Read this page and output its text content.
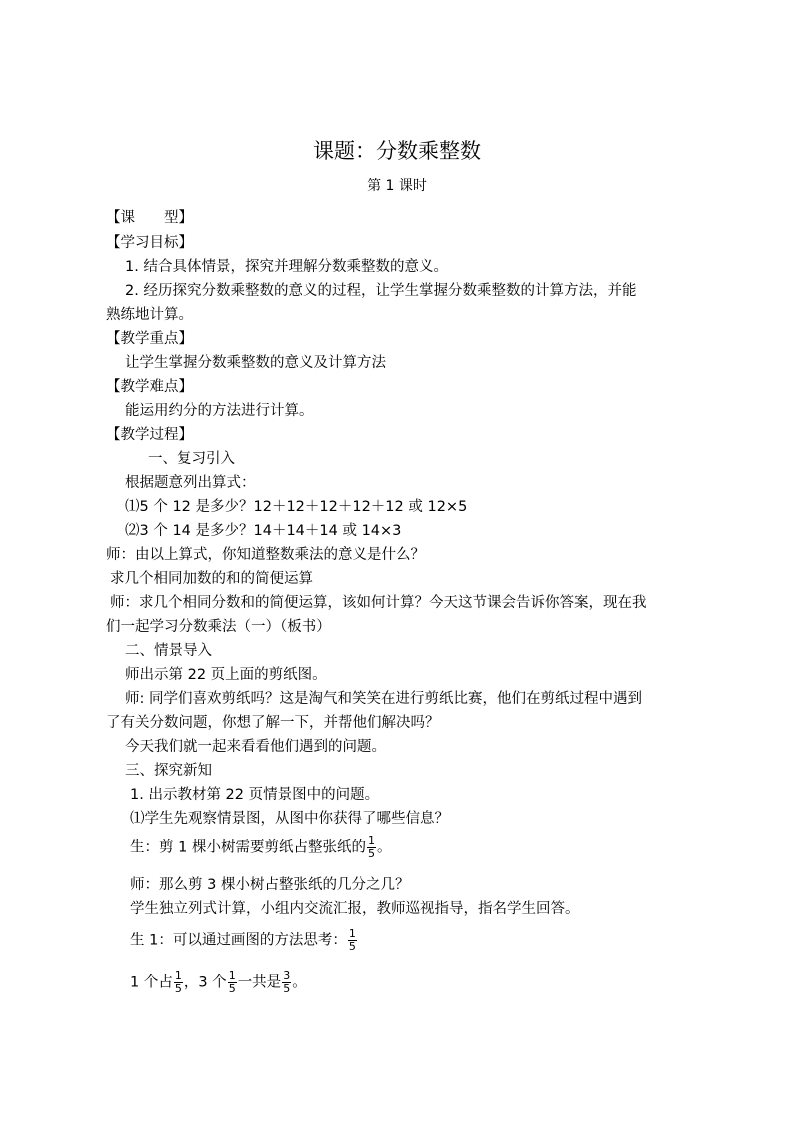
课题：分数乘整数
第 1 课时
【课　　型】
【学习目标】
1. 结合具体情景，探究并理解分数乘整数的意义。
2. 经历探究分数乘整数的意义的过程，让学生掌握分数乘整数的计算方法，并能
熟练地计算。
【教学重点】
让学生掌握分数乘整数的意义及计算方法
【教学难点】
能运用约分的方法进行计算。
【教学过程】
一、复习引入
根据题意列出算式：
⑴5 个 12 是多少？12＋12＋12＋12＋12 或 12×5
⑵3 个 14 是多少？14＋14＋14 或 14×3
师：由以上算式，你知道整数乘法的意义是什么？
求几个相同加数的和的简便运算
师：求几个相同分数和的简便运算，该如何计算？今天这节课会告诉你答案，现在我
们一起学习分数乘法（一）（板书）
二、情景导入
师出示第 22 页上面的剪纸图。
师: 同学们喜欢剪纸吗？这是淘气和笑笑在进行剪纸比赛，他们在剪纸过程中遇到
了有关分数问题，你想了解一下，并帮他们解决吗？
今天我们就一起来看看他们遇到的问题。
三、探究新知
1. 出示教材第 22 页情景图中的问题。
⑴学生先观察情景图，从图中你获得了哪些信息？
生：剪 1 棵小树需要剪纸占整张纸的 $\frac{1}{5}$ 。
师：那么剪 3 棵小树占整张纸的几分之几？
学生独立列式计算，小组内交流汇报，教师巡视指导，指名学生回答。
生 1：可以通过画图的方法思考： $\frac{1}{5}$
1 个占 $\frac{1}{5}$ ，3 个 $\frac{1}{5}$ 一共是 $\frac{3}{5}$ 。
